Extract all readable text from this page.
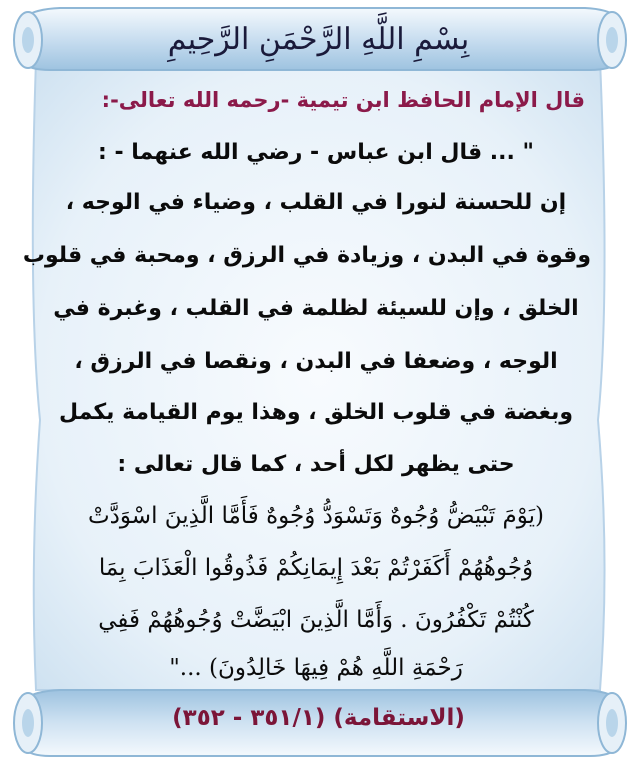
بِسْمِ اللَّهِ الرَّحْمَنِ الرَّحِيمِ
قال الإمام الحافظ ابن تيمية -رحمه الله تعالى-:
" ... قال ابن عباس - رضي الله عنهما - :
إن للحسنة لنورا في القلب ، وضياء في الوجه ،
وقوة في البدن ، وزيادة في الرزق ، ومحبة في قلوب
الخلق ، وإن للسيئة لظلمة في القلب ، وغبرة في
الوجه ، وضعفا في البدن ، ونقصا في الرزق ،
وبغضة في قلوب الخلق ، وهذا يوم القيامة يكمل
حتى يظهر لكل أحد ، كما قال تعالى :
(يَوْمَ تَبْيَضُّ وُجُوهٌ وَتَسْوَدُّ وُجُوهٌ فَأَمَّا الَّذِينَ اسْوَدَّتْ
وُجُوهُهُمْ أَكَفَرْتُمْ بَعْدَ إِيمَانِكُمْ فَذُوقُوا الْعَذَابَ بِمَا
كُنْتُمْ تَكْفُرُونَ . وَأَمَّا الَّذِينَ ابْيَضَّتْ وُجُوهُهُمْ فَفِي
رَحْمَةِ اللَّهِ هُمْ فِيهَا خَالِدُونَ) ..."
(الاستقامة) (٣٥١/١ - ٣٥٢)
